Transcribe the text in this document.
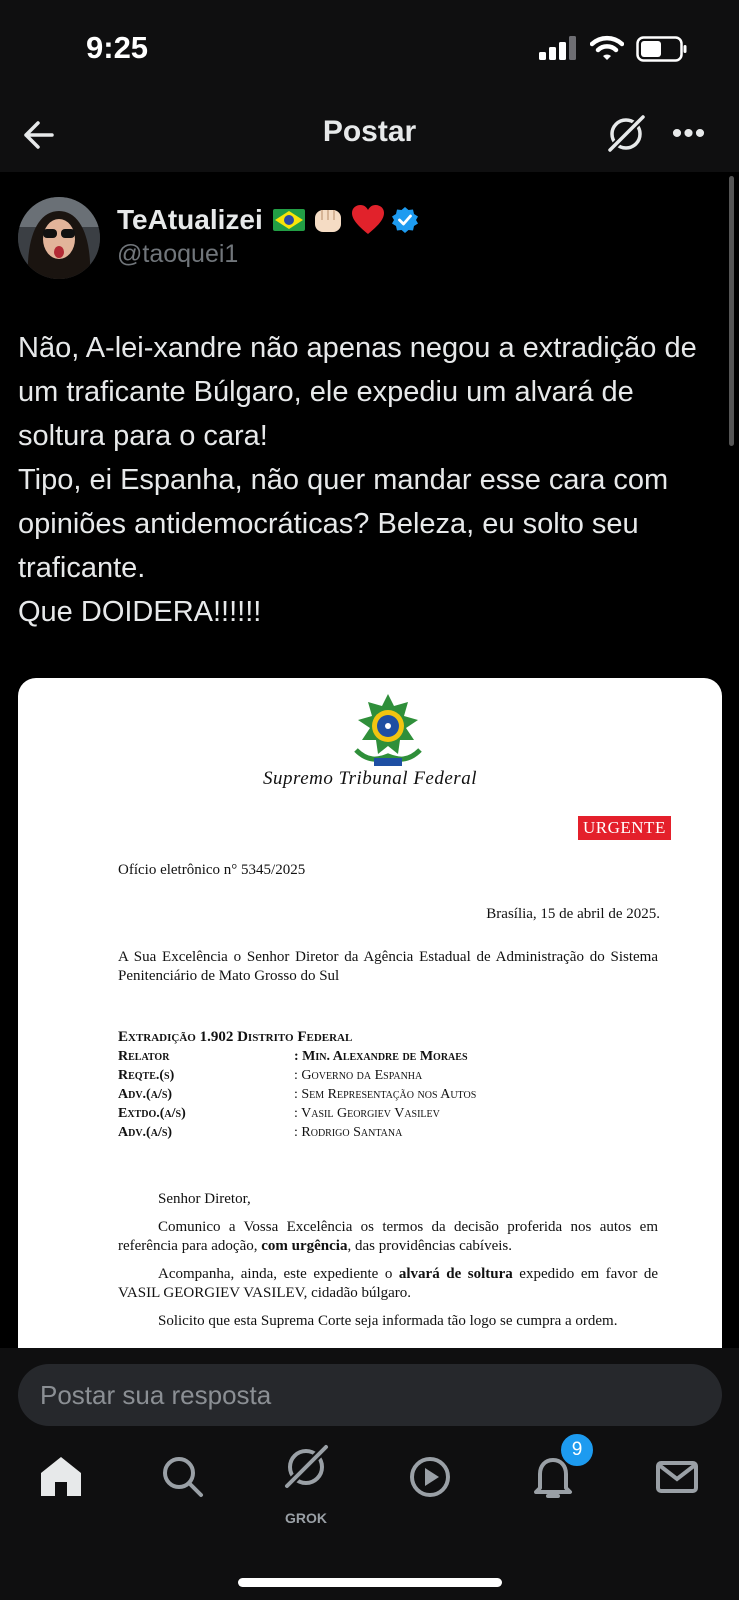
9:25
Postar	•••
TeAtualizei
@taoquei1

Não, A-lei-xandre não apenas negou a extradição de um traficante Búlgaro, ele expediu um alvará de soltura para o cara!

Tipo, ei Espanha, não quer mandar esse cara com opiniões antidemocráticas? Beleza, eu solto seu traficante.

Que DOIDERA!!!!!!

Supremo Tribunal Federal
URGENTE
Ofício eletrônico n° 5345/2025
Brasília, 15 de abril de 2025.
A Sua Excelência o Senhor Diretor da Agência Estadual de Administração do Sistema Penitenciário de Mato Grosso do Sul
Extradição 1.902 Distrito Federal
Relator	: Min. Alexandre de Moraes
Reqte.(s)	: Governo da Espanha
Adv.(a/s)	: Sem Representação nos Autos
Extdo.(a/s)	: Vasil Georgiev Vasilev
Adv.(a/s)	: Rodrigo Santana

Senhor Diretor,

Comunico a Vossa Excelência os termos da decisão proferida nos autos em referência para adoção, com urgência, das providências cabíveis.

Acompanha, ainda, este expediente o alvará de soltura expedido em favor de VASIL GEORGIEV VASILEV, cidadão búlgaro.

Solicito que esta Suprema Corte seja informada tão logo se cumpra a ordem.

Postar sua resposta
GROK
9
